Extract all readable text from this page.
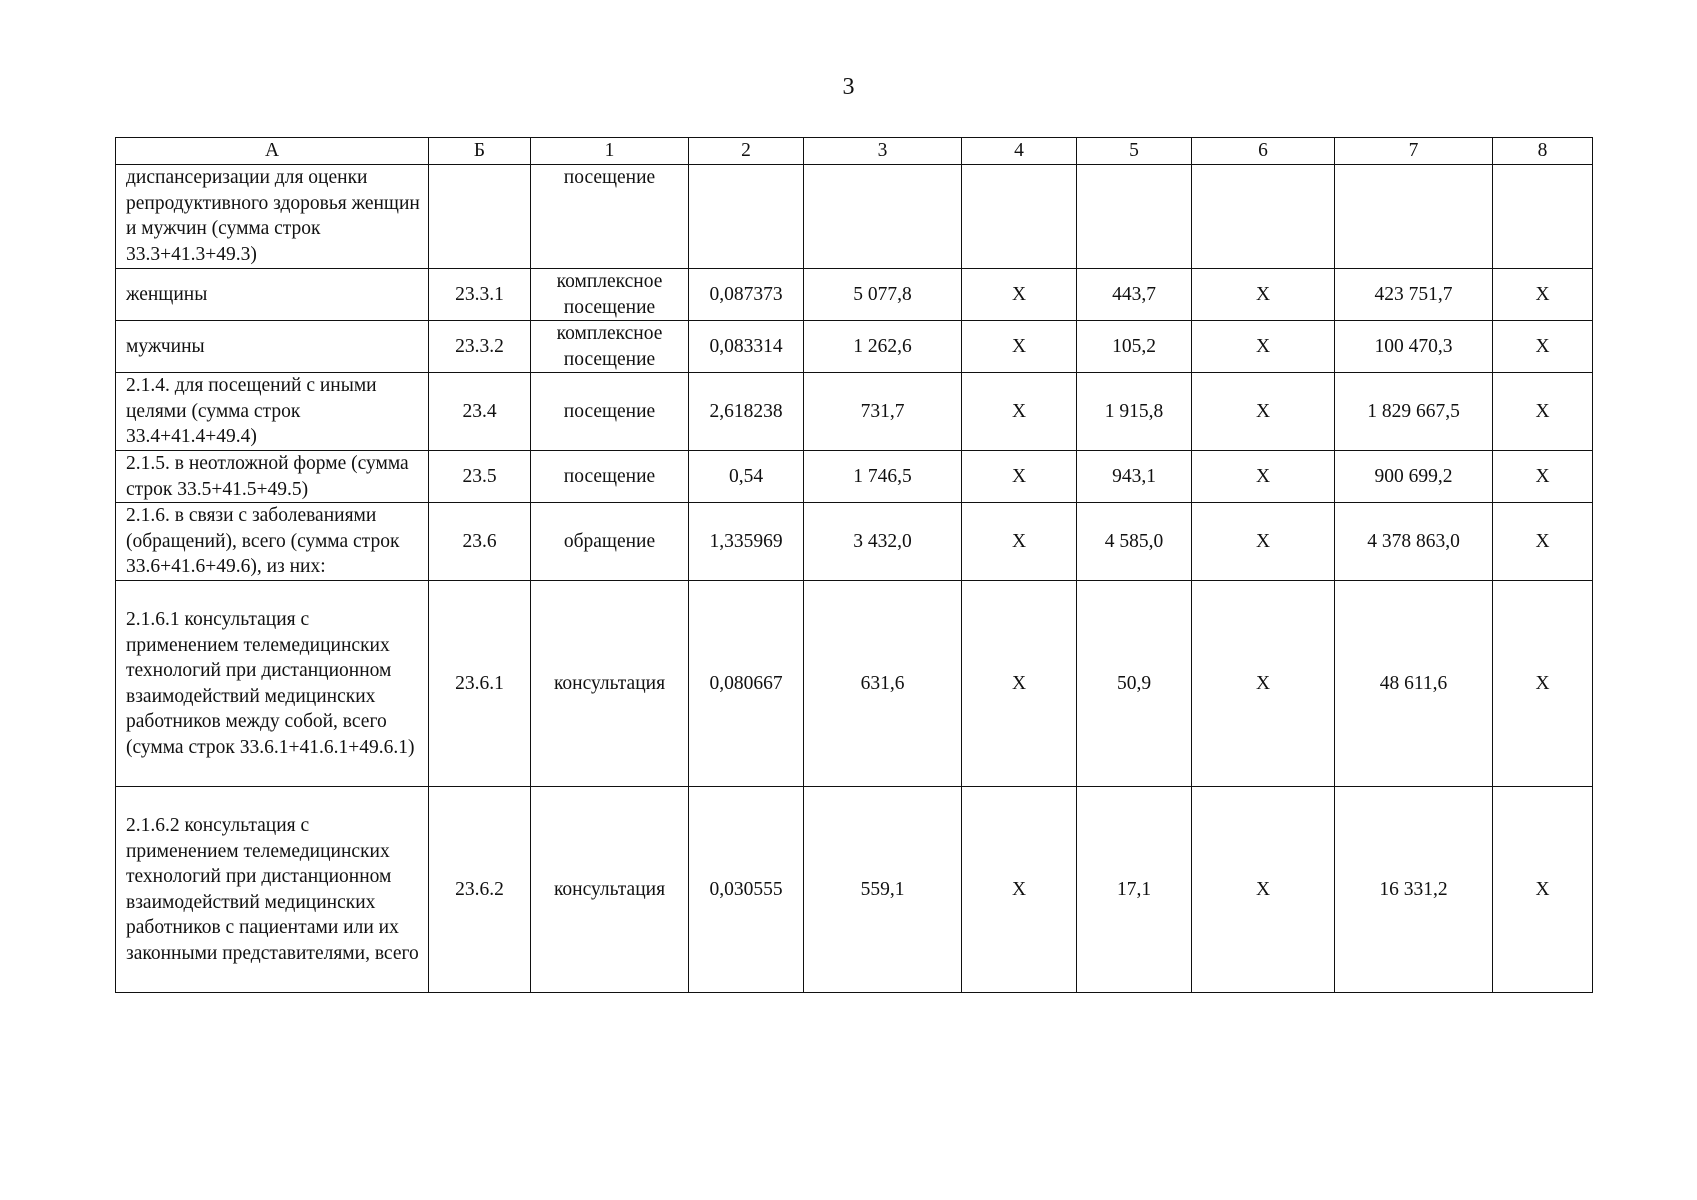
3
А	Б	1	2	3	4	5	6	7	8
диспансеризации для оценки репродуктивного здоровья женщин и мужчин (сумма строк 33.3+41.3+49.3)		посещение							
женщины	23.3.1	комплексное посещение	0,087373	5 077,8	Х	443,7	Х	423 751,7	Х
мужчины	23.3.2	комплексное посещение	0,083314	1 262,6	Х	105,2	Х	100 470,3	Х
2.1.4. для посещений с иными целями (сумма строк 33.4+41.4+49.4)	23.4	посещение	2,618238	731,7	Х	1 915,8	Х	1 829 667,5	Х
2.1.5. в неотложной форме (сумма строк 33.5+41.5+49.5)	23.5	посещение	0,54	1 746,5	Х	943,1	Х	900 699,2	Х
2.1.6. в связи с заболеваниями (обращений), всего (сумма строк 33.6+41.6+49.6), из них:	23.6	обращение	1,335969	3 432,0	Х	4 585,0	Х	4 378 863,0	Х
2.1.6.1 консультация с применением телемедицинских технологий при дистанционном взаимодействий медицинских работников между собой, всего (сумма строк 33.6.1+41.6.1+49.6.1)	23.6.1	консультация	0,080667	631,6	Х	50,9	Х	48 611,6	Х
2.1.6.2 консультация с применением телемедицинских технологий при дистанционном взаимодействий медицинских работников с пациентами или их законными представителями, всего	23.6.2	консультация	0,030555	559,1	Х	17,1	Х	16 331,2	Х
